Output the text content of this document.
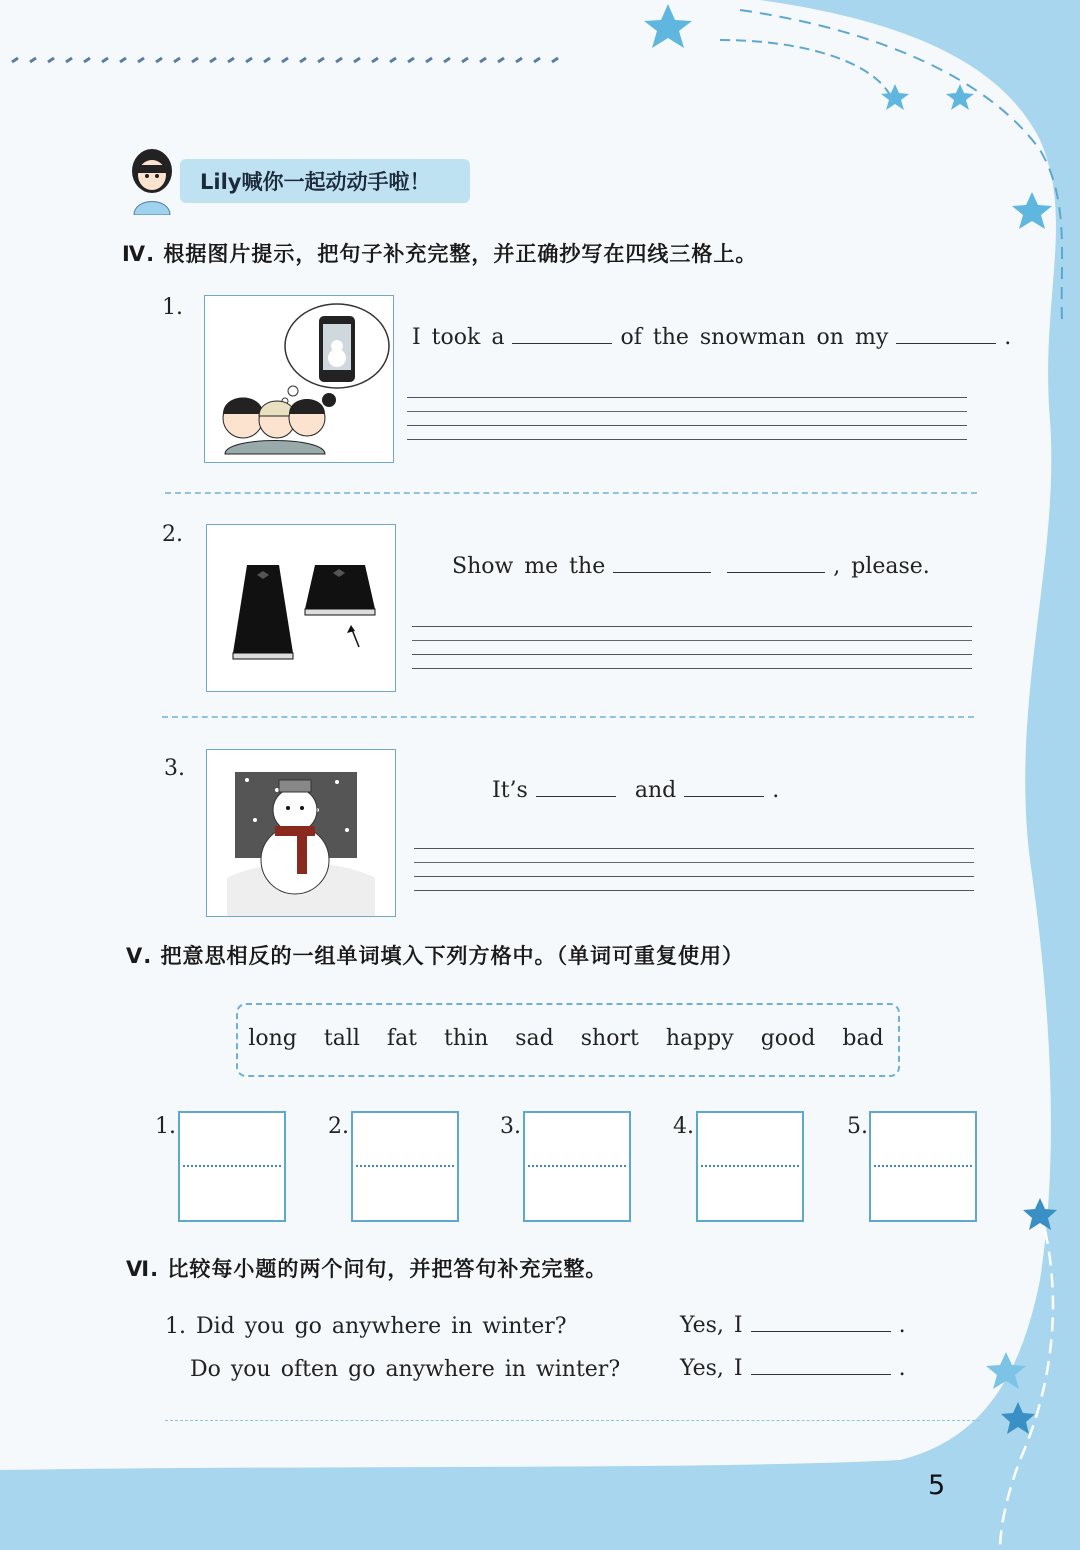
Lily喊你一起动动手啦！
Ⅳ. 根据图片提示，把句子补充完整，并正确抄写在四线三格上。
1.
I took a	of the snowman on my	.
2.
Show me the	, please.
3.
It’s	and	.
Ⅴ. 把意思相反的一组单词填入下列方格中。（单词可重复使用）
long tall fat thin sad short happy good bad
1.	2.	3.	4.	5.
Ⅵ. 比较每小题的两个问句，并把答句补充完整。
1. Did you go anywhere in winter?
Do you often go anywhere in winter?
Yes, I	.
Yes, I	.
5
